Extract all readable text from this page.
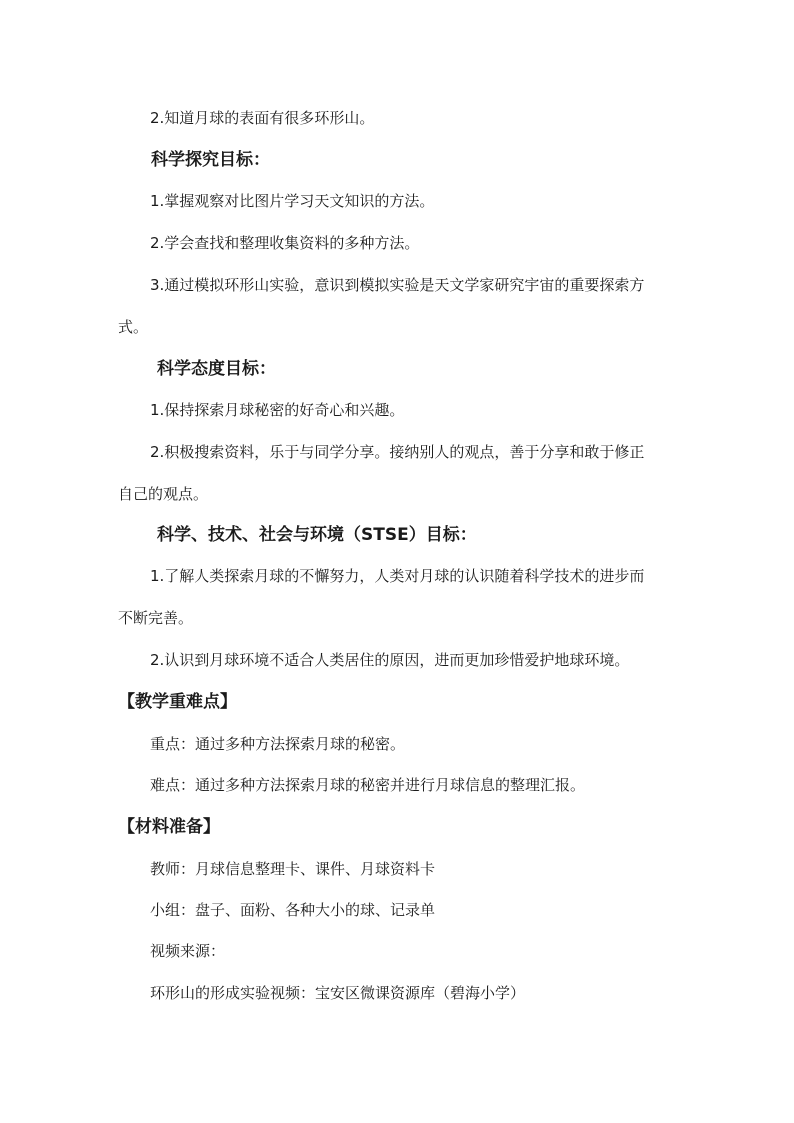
2.知道月球的表面有很多环形山。
科学探究目标：
1.掌握观察对比图片学习天文知识的方法。
2.学会查找和整理收集资料的多种方法。
3.通过模拟环形山实验，意识到模拟实验是天文学家研究宇宙的重要探索方
式。
科学态度目标：
1.保持探索月球秘密的好奇心和兴趣。
2.积极搜索资料，乐于与同学分享。接纳别人的观点，善于分享和敢于修正
自己的观点。
科学、技术、社会与环境（STSE）目标：
1.了解人类探索月球的不懈努力，人类对月球的认识随着科学技术的进步而
不断完善。
2.认识到月球环境不适合人类居住的原因，进而更加珍惜爱护地球环境。
【教学重难点】
重点：通过多种方法探索月球的秘密。
难点：通过多种方法探索月球的秘密并进行月球信息的整理汇报。
【材料准备】
教师：月球信息整理卡、课件、月球资料卡
小组：盘子、面粉、各种大小的球、记录单
视频来源：
环形山的形成实验视频：宝安区微课资源库（碧海小学）
